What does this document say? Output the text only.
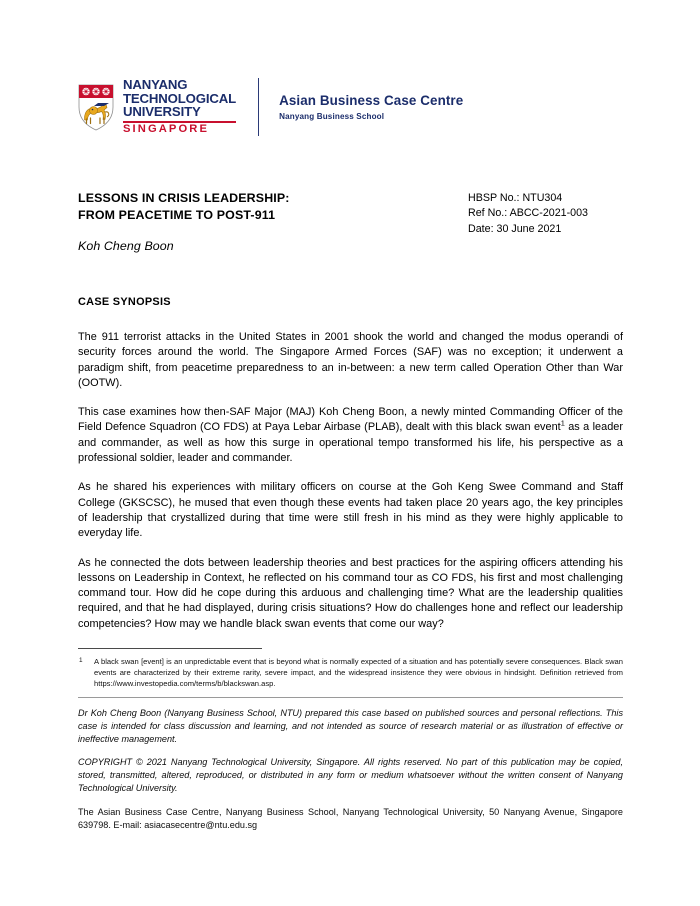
NANYANG
TECHNOLOGICAL
UNIVERSITY
SINGAPORE
Asian Business Case Centre
Nanyang Business School
LESSONS IN CRISIS LEADERSHIP:
FROM PEACETIME TO POST-911
Koh Cheng Boon
HBSP No.: NTU304
Ref No.: ABCC-2021-003
Date: 30 June 2021
CASE SYNOPSIS

The 911 terrorist attacks in the United States in 2001 shook the world and changed the modus operandi of security forces around the world. The Singapore Armed Forces (SAF) was no exception; it underwent a paradigm shift, from peacetime preparedness to an in-between: a new term called Operation Other than War (OOTW).

This case examines how then-SAF Major (MAJ) Koh Cheng Boon, a newly minted Commanding Officer of the Field Defence Squadron (CO FDS) at Paya Lebar Airbase (PLAB), dealt with this black swan event$^1$ as a leader and commander, as well as how this surge in operational tempo transformed his life, his perspective as a professional soldier, leader and commander.

As he shared his experiences with military officers on course at the Goh Keng Swee Command and Staff College (GKSCSC), he mused that even though these events had taken place 20 years ago, the key principles of leadership that crystallized during that time were still fresh in his mind as they were highly applicable to everyday life.

As he connected the dots between leadership theories and best practices for the aspiring officers attending his lessons on Leadership in Context, he reflected on his command tour as CO FDS, his first and most challenging command tour. How did he cope during this arduous and challenging time? What are the leadership qualities required, and that he had displayed, during crisis situations? How do challenges hone and reflect our leadership competencies? How may we handle black swan events that come our way?

1 A black swan [event] is an unpredictable event that is beyond what is normally expected of a situation and has potentially severe consequences. Black swan events are characterized by their extreme rarity, severe impact, and the widespread insistence they were obvious in hindsight. Definition retrieved from https://www.investopedia.com/terms/b/blackswan.asp.

Dr Koh Cheng Boon (Nanyang Business School, NTU) prepared this case based on published sources and personal reflections. This case is intended for class discussion and learning, and not intended as source of research material or as illustration of effective or ineffective management.

COPYRIGHT © 2021 Nanyang Technological University, Singapore. All rights reserved. No part of this publication may be copied, stored, transmitted, altered, reproduced, or distributed in any form or medium whatsoever without the written consent of Nanyang Technological University.

The Asian Business Case Centre, Nanyang Business School, Nanyang Technological University, 50 Nanyang Avenue, Singapore 639798. E-mail: asiacasecentre@ntu.edu.sg
